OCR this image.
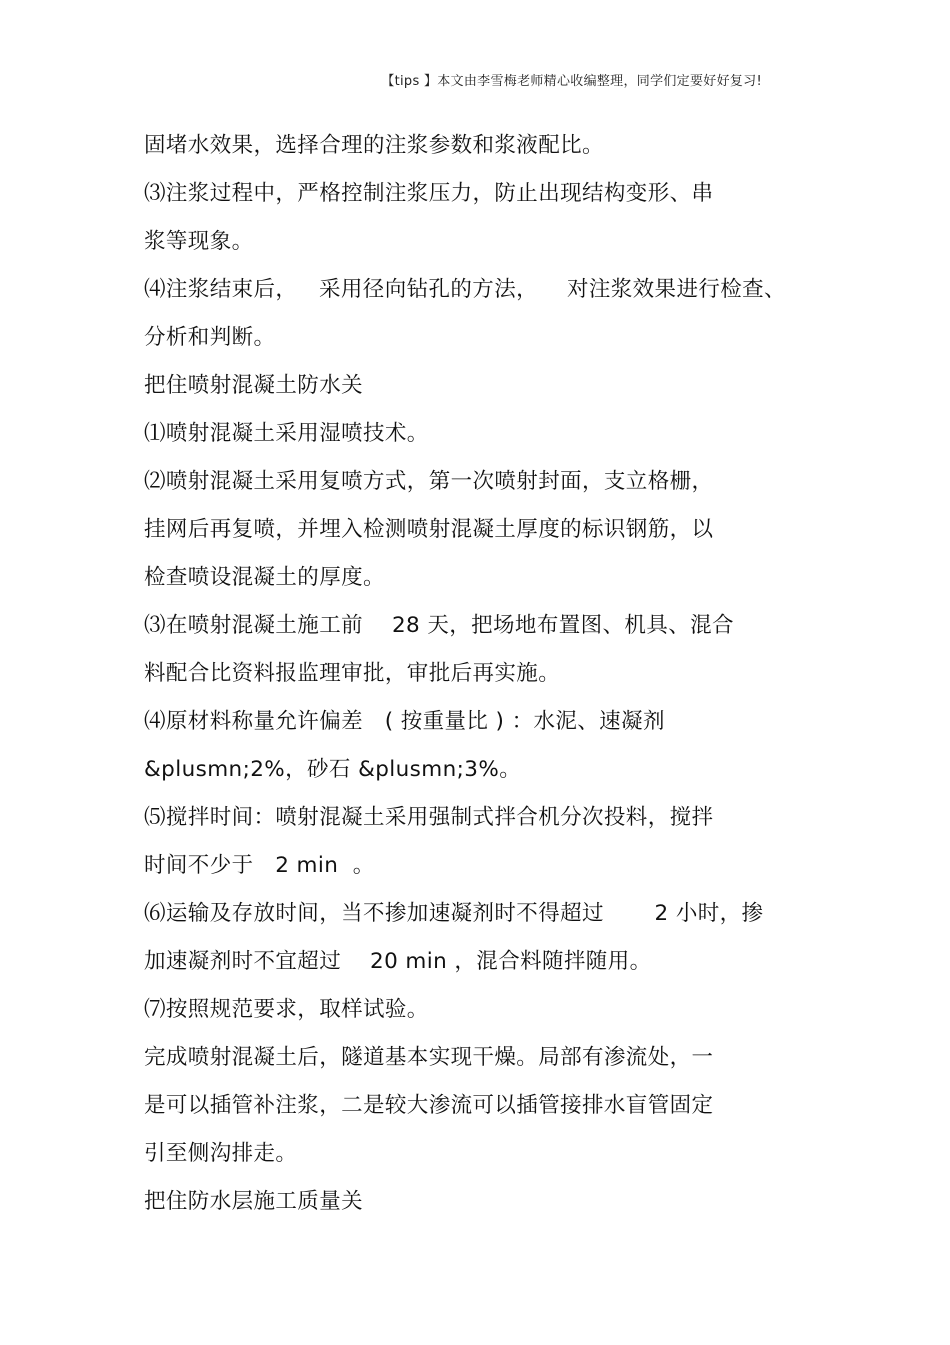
【tips 】本文由李雪梅老师精心收编整理，同学们定要好好复习!
固堵水效果，选择合理的注浆参数和浆液配比。
⑶注浆过程中，严格控制注浆压力，防止出现结构变形、串
浆等现象。
⑷注浆结束后，   采用径向钻孔的方法，    对注浆效果进行检查、
分析和判断。
把住喷射混凝土防水关
⑴喷射混凝土采用湿喷技术。
⑵喷射混凝土采用复喷方式，第一次喷射封面，支立格栅，
挂网后再复喷，并埋入检测喷射混凝土厚度的标识钢筋，以
检查喷设混凝土的厚度。
⑶在喷射混凝土施工前    28 天，把场地布置图、机具、混合
料配合比资料报监理审批，审批后再实施。
⑷原材料称量允许偏差   ( 按重量比 ) ：水泥、速凝剂
&plusmn;2%，砂石 &plusmn;3%。
⑸搅拌时间：喷射混凝土采用强制式拌合机分次投料，搅拌
时间不少于   2 min  。
⑹运输及存放时间，当不掺加速凝剂时不得超过       2 小时，掺
加速凝剂时不宜超过    20 min ，混合料随拌随用。
⑺按照规范要求，取样试验。
完成喷射混凝土后，隧道基本实现干燥。局部有渗流处，一
是可以插管补注浆，二是较大渗流可以插管接排水盲管固定
引至侧沟排走。
把住防水层施工质量关
